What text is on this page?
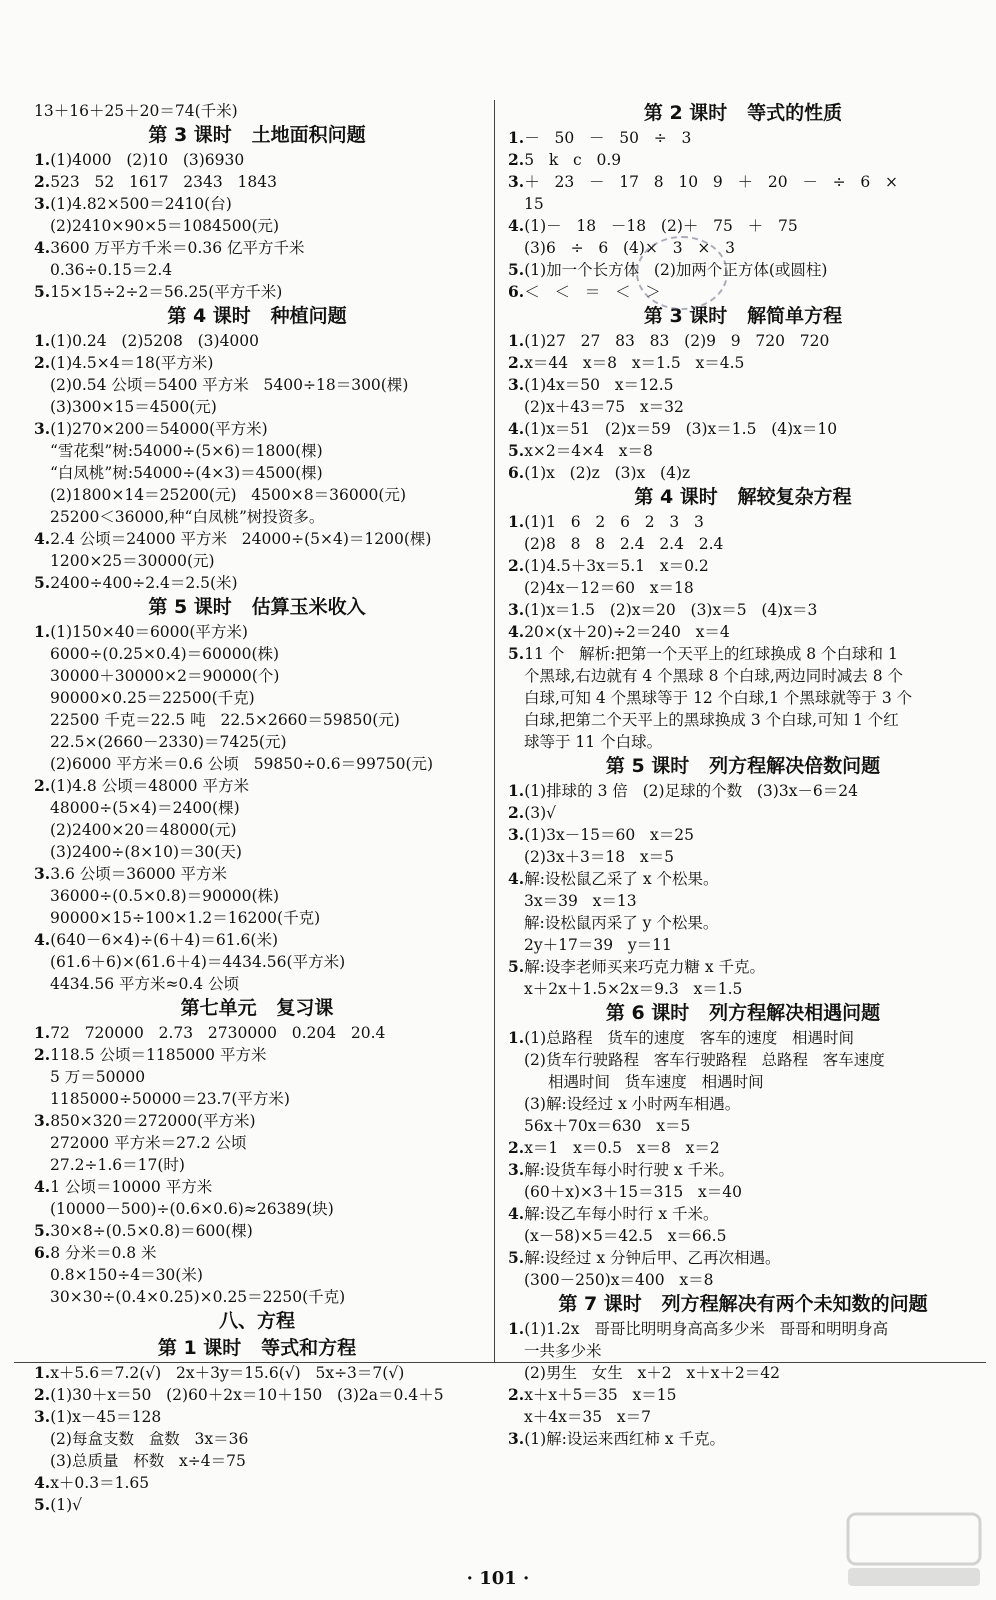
13＋16＋25＋20＝74(千米)
第 3 课时   土地面积问题
1.(1)4000   (2)10   (3)6930
2.523   52   1617   2343   1843
3.(1)4.82×500＝2410(台)
(2)2410×90×5＝1084500(元)
4.3600 万平方千米＝0.36 亿平方千米
0.36÷0.15＝2.4
5.15×15÷2÷2＝56.25(平方千米)
第 4 课时   种植问题
1.(1)0.24   (2)5208   (3)4000
2.(1)4.5×4＝18(平方米)
(2)0.54 公顷＝5400 平方米   5400÷18＝300(棵)
(3)300×15＝4500(元)
3.(1)270×200＝54000(平方米)
“雪花梨”树:54000÷(5×6)＝1800(棵)
“白凤桃”树:54000÷(4×3)＝4500(棵)
(2)1800×14＝25200(元)   4500×8＝36000(元)
25200＜36000,种“白凤桃”树投资多。
4.2.4 公顷＝24000 平方米   24000÷(5×4)＝1200(棵)
1200×25＝30000(元)
5.2400÷400÷2.4＝2.5(米)
第 5 课时   估算玉米收入
1.(1)150×40＝6000(平方米)
6000÷(0.25×0.4)＝60000(株)
30000＋30000×2＝90000(个)
90000×0.25＝22500(千克)
22500 千克＝22.5 吨   22.5×2660＝59850(元)
22.5×(2660－2330)＝7425(元)
(2)6000 平方米＝0.6 公顷   59850÷0.6＝99750(元)
2.(1)4.8 公顷＝48000 平方米
48000÷(5×4)＝2400(棵)
(2)2400×20＝48000(元)
(3)2400÷(8×10)＝30(天)
3.3.6 公顷＝36000 平方米
36000÷(0.5×0.8)＝90000(株)
90000×15÷100×1.2＝16200(千克)
4.(640－6×4)÷(6＋4)＝61.6(米)
(61.6＋6)×(61.6＋4)＝4434.56(平方米)
4434.56 平方米≈0.4 公顷
第七单元   复习课
1.72   720000   2.73   2730000   0.204   20.4
2.118.5 公顷＝1185000 平方米
5 万＝50000
1185000÷50000＝23.7(平方米)
3.850×320＝272000(平方米)
272000 平方米＝27.2 公顷
27.2÷1.6＝17(时)
4.1 公顷＝10000 平方米
(10000－500)÷(0.6×0.6)≈26389(块)
5.30×8÷(0.5×0.8)＝600(棵)
6.8 分米＝0.8 米
0.8×150÷4＝30(米)
30×30÷(0.4×0.25)×0.25＝2250(千克)
八、方程
第 1 课时   等式和方程
1.x＋5.6＝7.2(√)   2x＋3y＝15.6(√)   5x÷3＝7(√)
2.(1)30＋x＝50   (2)60＋2x＝10＋150   (3)2a＝0.4＋5
3.(1)x－45＝128
(2)每盒支数   盒数   3x＝36
(3)总质量   杯数   x÷4＝75
4.x＋0.3＝1.65
5.(1)√
第 2 课时   等式的性质
1.－   50   －   50   ÷   3
2.5   k   c   0.9
3.＋   23   －   17   8   10   9   ＋   20   －   ÷   6   ×
15
4.(1)－   18   －18   (2)＋   75   ＋   75
(3)6   ÷   6   (4)×   3   ×   3
5.(1)加一个长方体   (2)加两个正方体(或圆柱)
6.＜   ＜   ＝   ＜   ＞
第 3 课时   解简单方程
1.(1)27   27   83   83   (2)9   9   720   720
2.x＝44   x＝8   x＝1.5   x＝4.5
3.(1)4x＝50   x＝12.5
(2)x＋43＝75   x＝32
4.(1)x＝51   (2)x＝59   (3)x＝1.5   (4)x＝10
5.x×2＝4×4   x＝8
6.(1)x   (2)z   (3)x   (4)z
第 4 课时   解较复杂方程
1.(1)1   6   2   6   2   3   3
(2)8   8   8   2.4   2.4   2.4
2.(1)4.5＋3x＝5.1   x＝0.2
(2)4x－12＝60   x＝18
3.(1)x＝1.5   (2)x＝20   (3)x＝5   (4)x＝3
4.20×(x＋20)÷2＝240   x＝4
5.11 个   解析:把第一个天平上的红球换成 8 个白球和 1
个黑球,右边就有 4 个黑球 8 个白球,两边同时减去 8 个
白球,可知 4 个黑球等于 12 个白球,1 个黑球就等于 3 个
白球,把第二个天平上的黑球换成 3 个白球,可知 1 个红
球等于 11 个白球。
第 5 课时   列方程解决倍数问题
1.(1)排球的 3 倍   (2)足球的个数   (3)3x－6＝24
2.(3)√
3.(1)3x－15＝60   x＝25
(2)3x＋3＝18   x＝5
4.解:设松鼠乙采了 x 个松果。
3x＝39   x＝13
解:设松鼠丙采了 y 个松果。
2y＋17＝39   y＝11
5.解:设李老师买来巧克力糖 x 千克。
x＋2x＋1.5×2x＝9.3   x＝1.5
第 6 课时   列方程解决相遇问题
1.(1)总路程   货车的速度   客车的速度   相遇时间
(2)货车行驶路程   客车行驶路程   总路程   客车速度
相遇时间   货车速度   相遇时间
(3)解:设经过 x 小时两车相遇。
56x＋70x＝630   x＝5
2.x＝1   x＝0.5   x＝8   x＝2
3.解:设货车每小时行驶 x 千米。
(60＋x)×3＋15＝315   x＝40
4.解:设乙车每小时行 x 千米。
(x－58)×5＝42.5   x＝66.5
5.解:设经过 x 分钟后甲、乙再次相遇。
(300－250)x＝400   x＝8
第 7 课时   列方程解决有两个未知数的问题
1.(1)1.2x   哥哥比明明身高高多少米   哥哥和明明身高
一共多少米
(2)男生   女生   x＋2   x＋x＋2＝42
2.x＋x＋5＝35   x＝15
x＋4x＝35   x＝7
3.(1)解:设运来西红柿 x 千克。
· 101 ·
